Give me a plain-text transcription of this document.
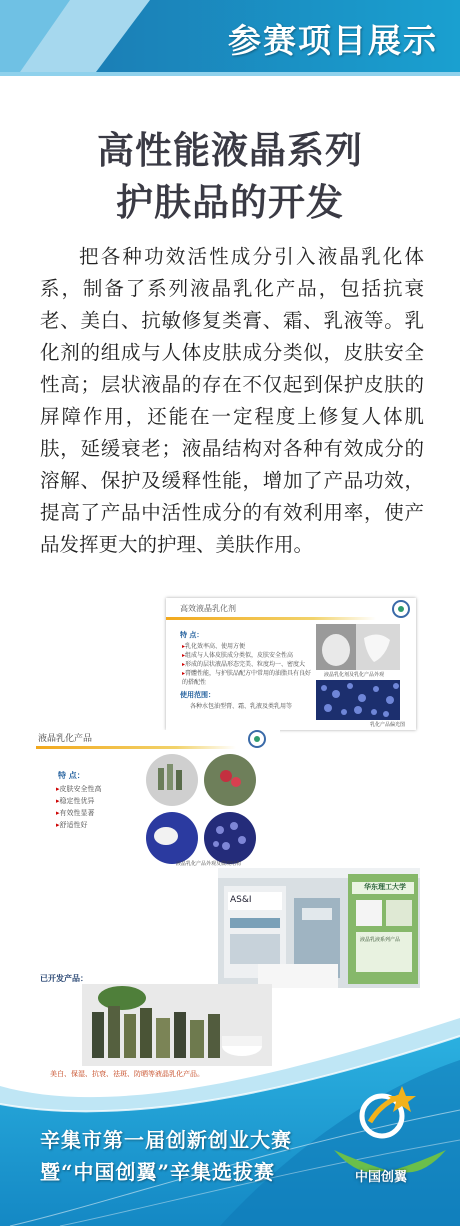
参赛项目展示
高性能液晶系列
护肤品的开发
把各种功效活性成分引入液晶乳化体系，制备了系列液晶乳化产品，包括抗衰老、美白、抗敏修复类膏、霜、乳液等。乳化剂的组成与人体皮肤成分类似，皮肤安全性高；层状液晶的存在不仅起到保护皮肤的屏障作用，还能在一定程度上修复人体肌肤，延缓衰老；液晶结构对各种有效成分的溶解、保护及缓释性能，增加了产品功效，提高了产品中活性成分的有效利用率，使产品发挥更大的护理、美肤作用。
高效液晶乳化剂
特 点：
▸ 乳化效率高、使用方便
▸ 组成与人体皮肤成分类似，皮肤安全性高
▸ 形成的层状液晶形态完美、粒度均一、密度大
▸ 膏體性能，与护肤品配方中常用的油脂具有良好的搭配性
使用范围：
各种水包油型膏、霜、乳液及类乳用等
液晶乳化剂及乳化产品外观
乳化产品偏光图
液晶乳化产品
特 点：
▸ 皮肤安全性高
▸ 稳定性优异
▸ 有效性显著
▸ 舒适性好
液晶乳化产品外观及微观结构
AS&I
华东理工大学
液晶乳液系列产品
已开发产品：
美白、保湿、抗衰、祛斑、防晒等液晶乳化产品。
中国创翼
辛集市第一届创新创业大赛
暨“中国创翼”辛集选拔赛
